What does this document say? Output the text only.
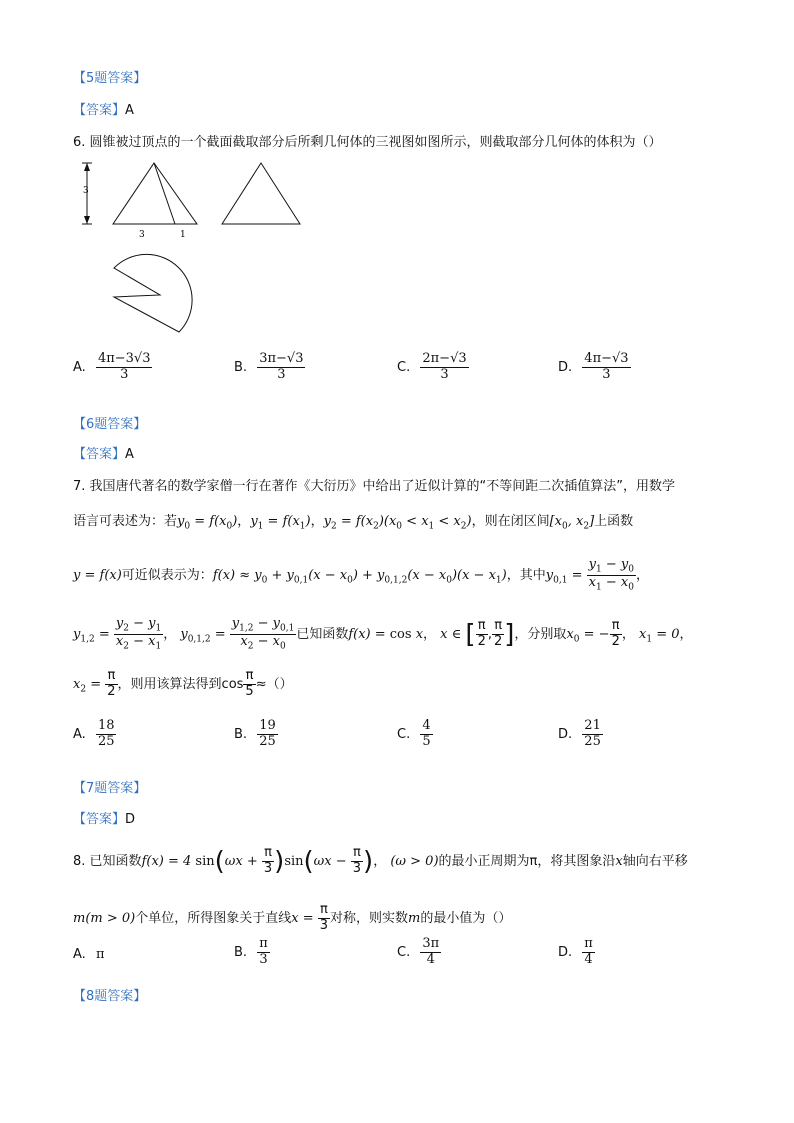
【5题答案】
【答案】A
6. 圆锥被过顶点的一个截面截取部分后所剩几何体的三视图如图所示，则截取部分几何体的体积为（）
3
3	1
A. $\frac{4\pi-3√3}{3}$	B. $\frac{3\pi-√3}{3}$	C. $\frac{2\pi-√3}{3}$	D. $\frac{4\pi-√3}{3}$
【6题答案】
【答案】A
7. 我国唐代著名的数学家僧一行在著作《大衍历》中给出了近似计算的“不等间距二次插值算法”，用数学
语言可表述为：若$y_0 = f(x_0)$，$y_1 = f(x_1)$，$y_2 = f(x_2)(x_0 < x_1 < x_2)$，则在闭区间[$x_0$, $x_2$]上函数
y = f(x)可近似表示为：$f(x) \approx y_0 + y_{0,1}(x - x_0) + y_{0,1,2}(x - x_0)(x - x_1)$，其中$y_{0,1} = \frac{y_1 - y_0}{x_1 - x_0}$ ，
$y_{1,2} = \frac{y_2 - y_1}{x_2 - x_1}$ ， $y_{0,1,2} = \frac{y_{1,2} - y_{0,1}}{x_2 - x_0}$ 已知函数f(x) = cos x， x ∈ [ $\frac{\pi}{2}$ , $\frac{\pi}{2}$ ]，分别取$x_0$ = − $\frac{\pi}{2}$ ， $x_1 = 0$，
$x_2 = \frac{\pi}{2}$ ，则用该算法得到$\cos \frac{\pi}{5}$ ≈（）
A. $\frac{18}{25}$	B. $\frac{19}{25}$	C. $\frac{4}{5}$	D. $\frac{21}{25}$
【7题答案】
【答案】D
8. 已知函数f(x) = 4 $\sin(\omega x + \frac{\pi}{3} )\sin(\omega x - \frac{\pi}{3}$ )， (ω > 0)的最小正周期为π，将其图象沿x轴向右平移
m(m > 0)个单位，所得图象关于直线$x = \frac{\pi}{3}$ 对称，则实数m的最小值为（）
A. π	B. $\frac{\pi}{3}$	C. $\frac{3\pi}{4}$	D. $\frac{\pi}{4}$
【8题答案】
